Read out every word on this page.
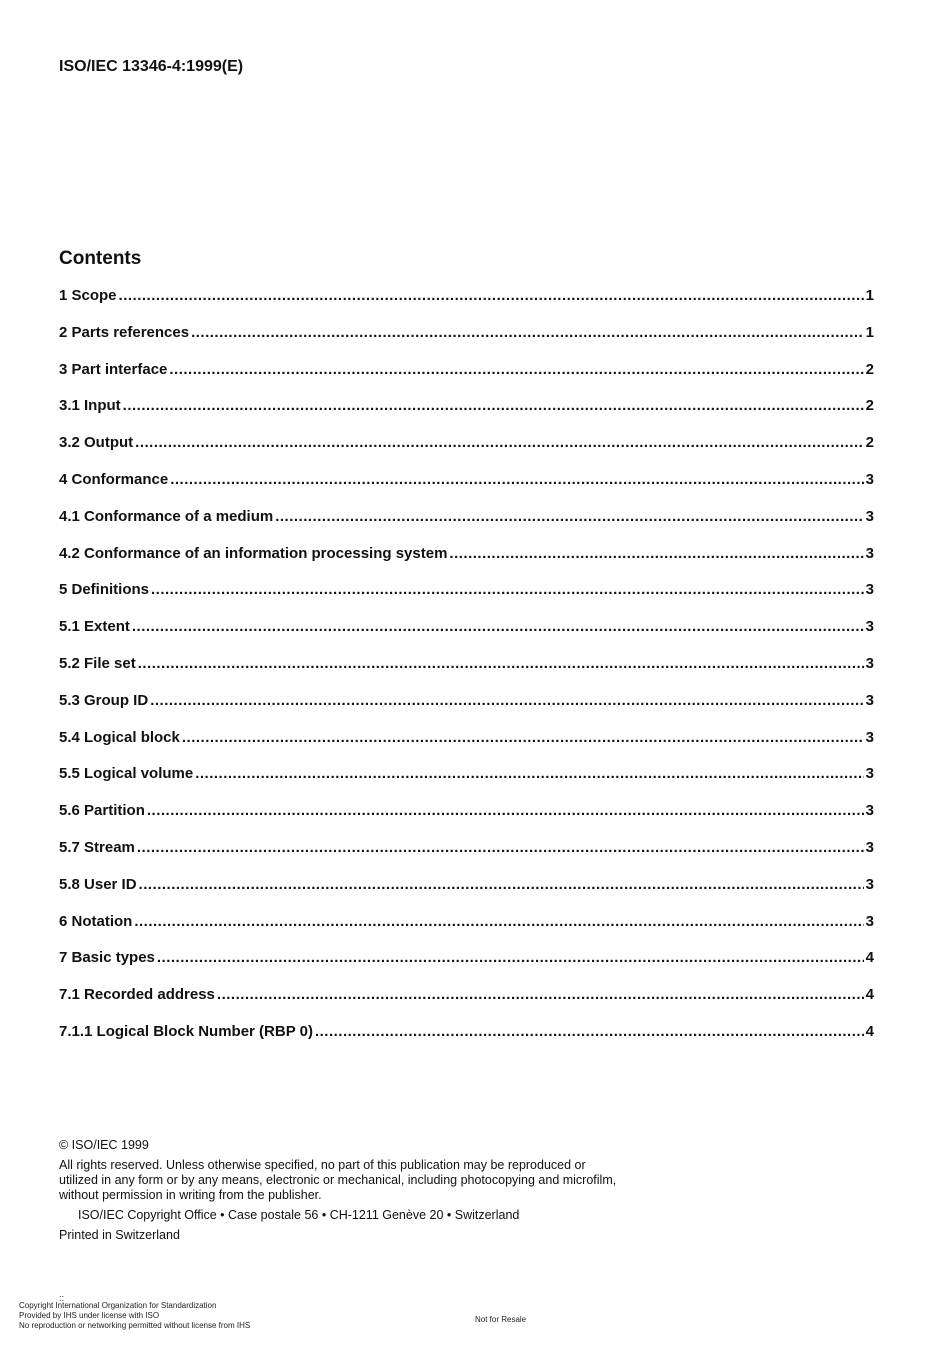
ISO/IEC 13346-4:1999(E)
Contents
1 Scope .....	1
2 Parts references .....	1
3 Part interface .....	2
3.1 Input .....	2
3.2 Output .....	2
4 Conformance .....	3
4.1 Conformance of a medium .....	3
4.2 Conformance of an information processing system .....	3
5 Definitions .....	3
5.1 Extent .....	3
5.2 File set .....	3
5.3 Group ID .....	3
5.4 Logical block .....	3
5.5 Logical volume .....	3
5.6 Partition .....	3
5.7 Stream .....	3
5.8 User ID .....	3
6 Notation .....	3
7 Basic types .....	4
7.1 Recorded address .....	4
7.1.1 Logical Block Number (RBP 0) .....	4

© ISO/IEC 1999

All rights reserved. Unless otherwise specified, no part of this publication may be reproduced or utilized in any form or by any means, electronic or mechanical, including photocopying and microfilm, without permission in writing from the publisher.

ISO/IEC Copyright Office • Case postale 56 • CH-1211 Genève 20 • Switzerland

Printed in Switzerland

::
Copyright International Organization for Standardization
Provided by IHS under license with ISO
No reproduction or networking permitted without license from IHS
Not for Resale
